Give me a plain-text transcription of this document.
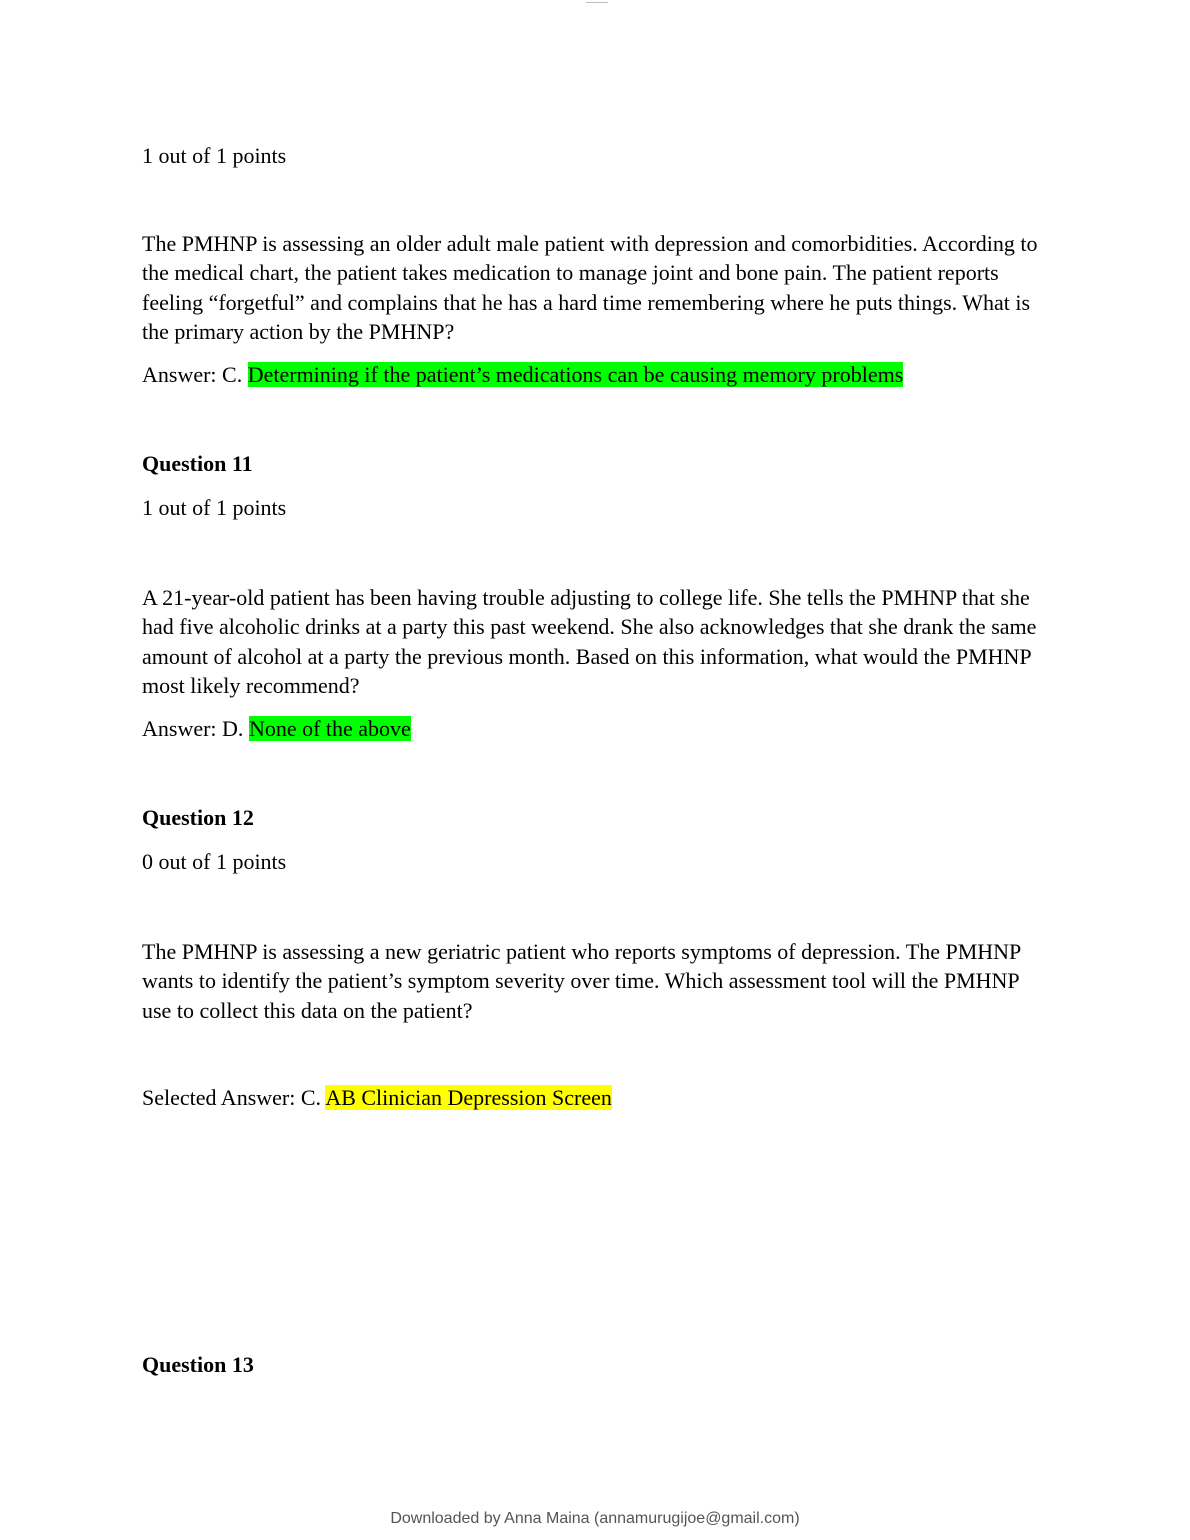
1 out of 1 points
The PMHNP is assessing an older adult male patient with depression and comorbidities. According to the medical chart, the patient takes medication to manage joint and bone pain. The patient reports feeling “forgetful” and complains that he has a hard time remembering where he puts things. What is the primary action by the PMHNP?
Answer: C. Determining if the patient’s medications can be causing memory problems
Question 11
1 out of 1 points
A 21-year-old patient has been having trouble adjusting to college life. She tells the PMHNP that she had five alcoholic drinks at a party this past weekend. She also acknowledges that she drank the same amount of alcohol at a party the previous month. Based on this information, what would the PMHNP most likely recommend?
Answer: D. None of the above
Question 12
0 out of 1 points
The PMHNP is assessing a new geriatric patient who reports symptoms of depression. The PMHNP wants to identify the patient’s symptom severity over time. Which assessment tool will the PMHNP use to collect this data on the patient?
Selected Answer: C. AB Clinician Depression Screen
Question 13
Downloaded by Anna Maina (annamurugijoe@gmail.com)
